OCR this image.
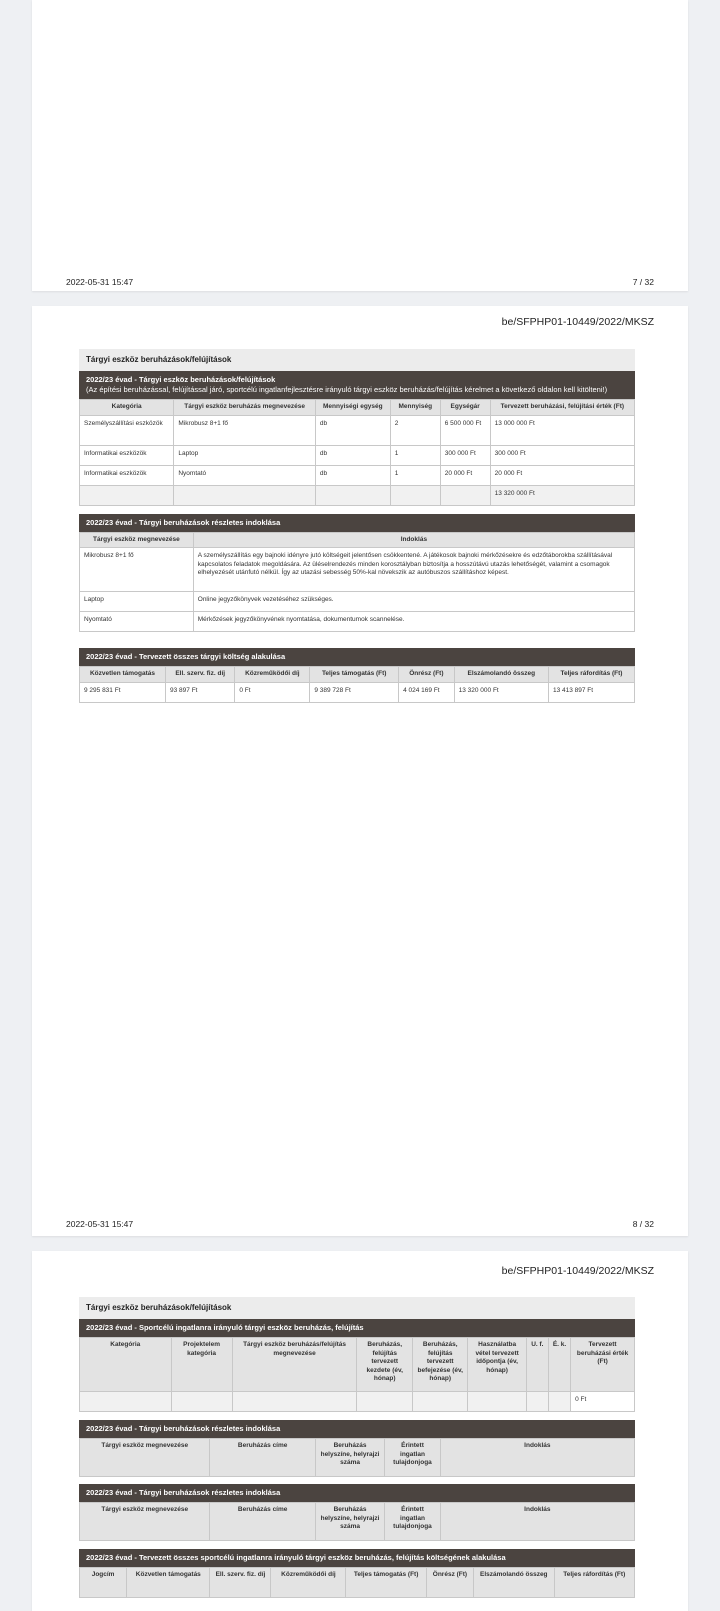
2022-05-31 15:47	7 / 32
be/SFPHP01-10449/2022/MKSZ
Tárgyi eszköz beruházások/felújítások
2022/23 évad - Tárgyi eszköz beruházások/felújítások
(Az építési beruházással, felújítással járó, sportcélú ingatlanfejlesztésre irányuló tárgyi eszköz beruházás/felújítás kérelmet a következő oldalon kell kitölteni!)
Kategória	Tárgyi eszköz beruházás megnevezése	Mennyiségi egység	Mennyiség	Egységár	Tervezett beruházási, felújítási érték (Ft)
Személyszállítási eszközök	Mikrobusz 8+1 fő	db	2	6 500 000 Ft	13 000 000 Ft
Informatikai eszközök	Laptop	db	1	300 000 Ft	300 000 Ft
Informatikai eszközök	Nyomtató	db	1	20 000 Ft	20 000 Ft
					13 320 000 Ft
2022/23 évad - Tárgyi beruházások részletes indoklása
Tárgyi eszköz megnevezése	Indoklás
Mikrobusz 8+1 fő	A személyszállítás egy bajnoki idényre jutó költségeit jelentősen csökkentené. A játékosok bajnoki mérkőzésekre és edzőtáborokba szállításával kapcsolatos feladatok megoldására. Az üléselrendezés minden korosztályban biztosítja a hosszútávú utazás lehetőségét, valamint a csomagok elhelyezését utánfutó nélkül. Így az utazási sebesség 50%-kal növekszik az autóbuszos szállításhoz képest.
Laptop	Online jegyzőkönyvek vezetéséhez szükséges.
Nyomtató	Mérkőzések jegyzőkönyvének nyomtatása, dokumentumok scannelése.
2022/23 évad - Tervezett összes tárgyi költség alakulása
Közvetlen támogatás	Ell. szerv. fiz. díj	Közreműködői díj	Teljes támogatás (Ft)	Önrész (Ft)	Elszámolandó összeg	Teljes ráfordítás (Ft)
9 295 831 Ft	93 897 Ft	0 Ft	9 389 728 Ft	4 024 169 Ft	13 320 000 Ft	13 413 897 Ft
2022-05-31 15:47	8 / 32
be/SFPHP01-10449/2022/MKSZ
Tárgyi eszköz beruházások/felújítások
2022/23 évad - Sportcélú ingatlanra irányuló tárgyi eszköz beruházás, felújítás
Kategória	Projektelem kategória	Tárgyi eszköz beruházás/felújítás megnevezése	Beruházás, felújítás tervezett kezdete (év, hónap)	Beruházás, felújítás tervezett befejezése (év, hónap)	Használatba vétel tervezett időpontja (év, hónap)	U. f.	É. k.	Tervezett beruházási érték (Ft)
								0 Ft
2022/23 évad - Tárgyi beruházások részletes indoklása
Tárgyi eszköz megnevezése	Beruházás címe	Beruházás helyszíne, helyrajzi száma	Érintett ingatlan tulajdonjoga	Indoklás
2022/23 évad - Tárgyi beruházások részletes indoklása
Tárgyi eszköz megnevezése	Beruházás címe	Beruházás helyszíne, helyrajzi száma	Érintett ingatlan tulajdonjoga	Indoklás
2022/23 évad - Tervezett összes sportcélú ingatlanra irányuló tárgyi eszköz beruházás, felújítás költségének alakulása
Jogcím	Közvetlen támogatás	Ell. szerv. fiz. díj	Közreműködői díj	Teljes támogatás (Ft)	Önrész (Ft)	Elszámolandó összeg	Teljes ráfordítás (Ft)
